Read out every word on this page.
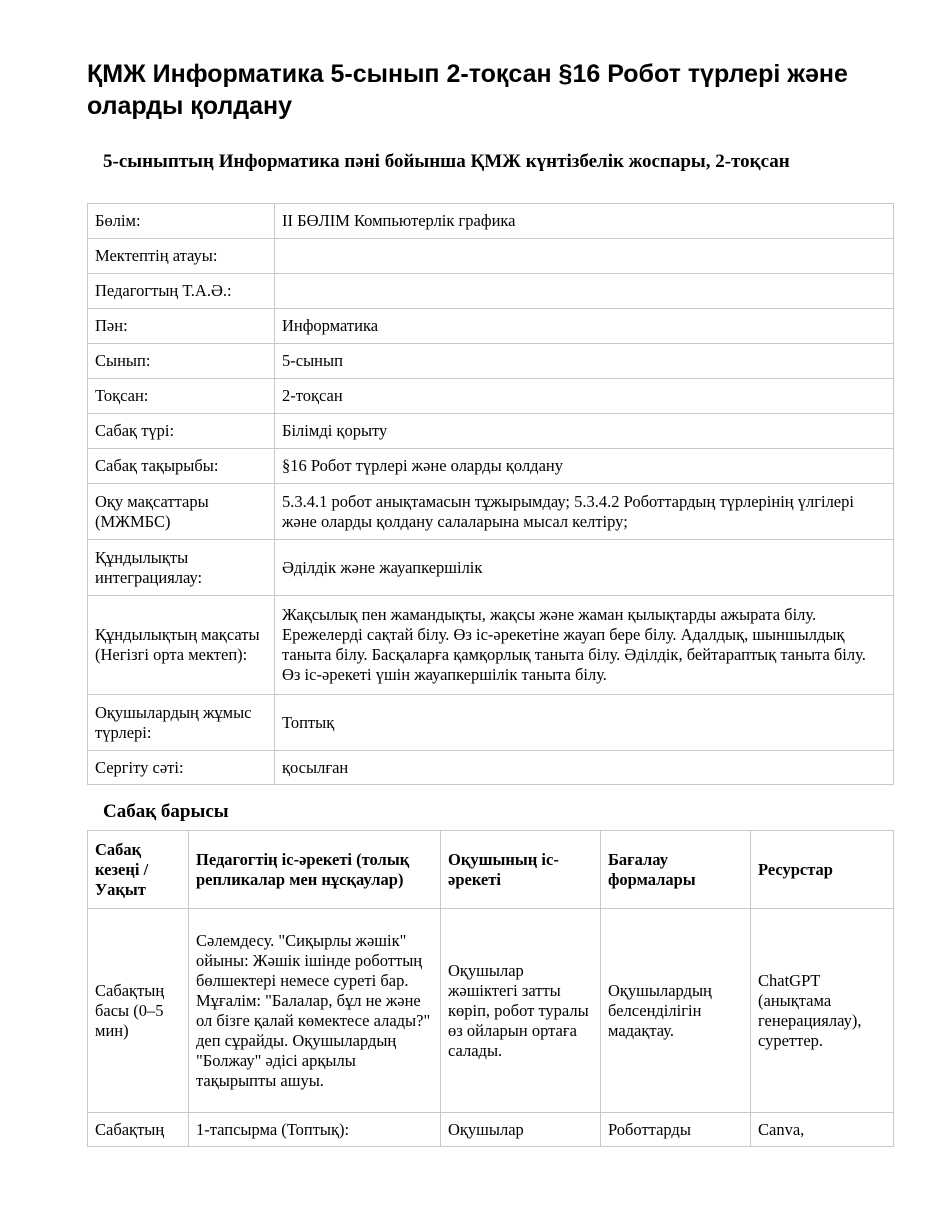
ҚМЖ Информатика 5-сынып 2-тоқсан §16 Робот түрлері және оларды қолдану
5-сыныптың Информатика пәні бойынша ҚМЖ күнтізбелік жоспары, 2-тоқсан
Бөлім:	II БӨЛІМ Компьютерлік графика
Мектептің атауы:	
Педагогтың Т.А.Ә.:	
Пән:	Информатика
Сынып:	5-сынып
Тоқсан:	2-тоқсан
Сабақ түрі:	Білімді қорыту
Сабақ тақырыбы:	§16 Робот түрлері және оларды қолдану
Оқу мақсаттары (МЖМБС)	5.3.4.1 робот анықтамасын тұжырымдау; 5.3.4.2 Роботтардың түрлерінің үлгілері және оларды қолдану салаларына мысал келтіру;
Құндылықты интеграциялау:	Әділдік және жауапкершілік
Құндылықтың мақсаты (Негізгі орта мектеп):	Жақсылық пен жамандықты, жақсы және жаман қылықтарды ажырата білу. Ережелерді сақтай білу. Өз іс-әрекетіне жауап бере білу. Адалдық, шыншылдық таныта білу. Басқаларға қамқорлық таныта білу. Әділдік, бейтараптық таныта білу. Өз іс-әрекеті үшін жауапкершілік таныта білу.
Оқушылардың жұмыс түрлері:	Топтық
Сергіту сәті:	қосылған
Сабақ барысы
Сабақ кезеңі / Уақыт	Педагогтің іс-әрекеті (толық репликалар мен нұсқаулар)	Оқушының іс-әрекеті	Бағалау формалары	Ресурстар
Сабақтың басы (0–5 мин)	Сәлемдесу. "Сиқырлы жәшік" ойыны: Жәшік ішінде роботтың бөлшектері немесе суреті бар. Мұғалім: "Балалар, бұл не және ол бізге қалай көмектесе алады?" деп сұрайды. Оқушылардың "Болжау" әдісі арқылы тақырыпты ашуы.	Оқушылар жәшіктегі затты көріп, робот туралы өз ойларын ортаға салады.	Оқушылардың белсенділігін мадақтау.	ChatGPT (анықтама генерациялау), суреттер.
Сабақтың	1-тапсырма (Топтық):	Оқушылар	Роботтарды	Canva,
